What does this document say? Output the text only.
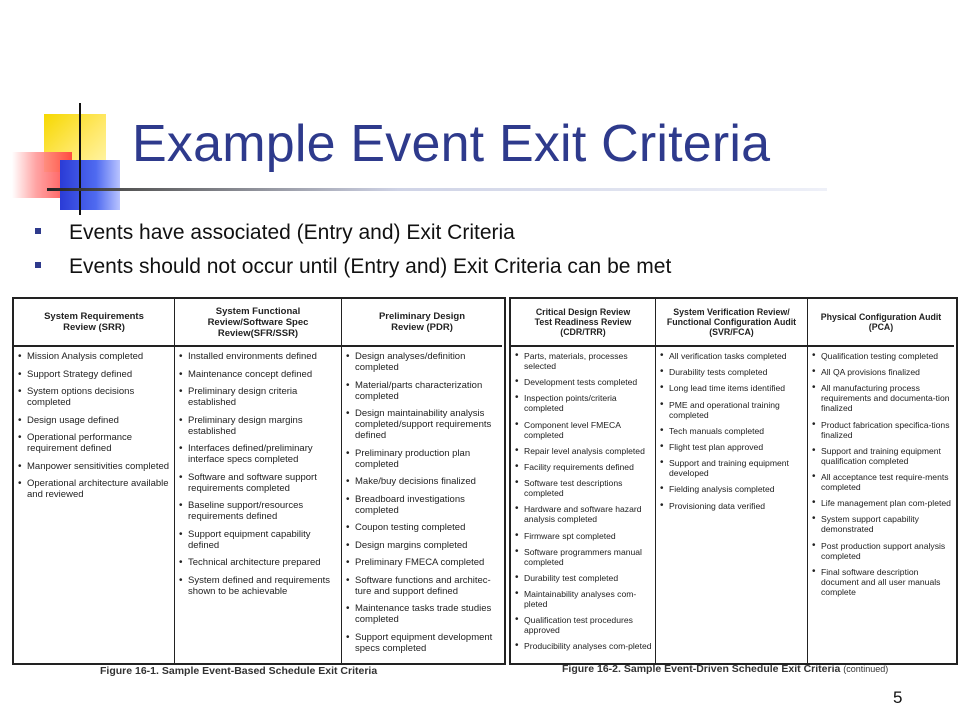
Example Event Exit Criteria
Events have associated (Entry and) Exit Criteria
Events should not occur until (Entry and) Exit Criteria can be met
System Requirements
Review (SRR)
• Mission Analysis completed
• Support Strategy defined
• System options decisions completed
• Design usage defined
• Operational performance requirement defined
• Manpower sensitivities completed
• Operational architecture available and reviewed
System Functional
Review/Software Spec
Review(SFR/SSR)
• Installed environments defined
• Maintenance concept defined
• Preliminary design criteria established
• Preliminary design margins established
• Interfaces defined/preliminary interface specs completed
• Software and software support requirements completed
• Baseline support/resources requirements defined
• Support equipment capability defined
• Technical architecture prepared
• System defined and requirements shown to be achievable
Preliminary Design
Review (PDR)
• Design analyses/definition completed
• Material/parts characterization completed
• Design maintainability analysis completed/support requirements defined
• Preliminary production plan completed
• Make/buy decisions finalized
• Breadboard investigations completed
• Coupon testing completed
• Design margins completed
• Preliminary FMECA completed
• Software functions and architec-ture and support defined
• Maintenance tasks trade studies completed
• Support equipment development specs completed
Critical Design Review
Test Readiness Review
(CDR/TRR)
• Parts, materials, processes selected
• Development tests completed
• Inspection points/criteria completed
• Component level FMECA completed
• Repair level analysis completed
• Facility requirements defined
• Software test descriptions completed
• Hardware and software hazard analysis completed
• Firmware spt completed
• Software programmers manual completed
• Durability test completed
• Maintainability analyses com-pleted
• Qualification test procedures approved
• Producibility analyses com-pleted
System Verification Review/
Functional Configuration Audit
(SVR/FCA)
• All verification tasks completed
• Durability tests completed
• Long lead time items identified
• PME and operational training completed
• Tech manuals completed
• Flight test plan approved
• Support and training equipment developed
• Fielding analysis completed
• Provisioning data verified
Physical Configuration Audit
(PCA)
• Qualification testing completed
• All QA provisions finalized
• All manufacturing process requirements and documenta-tion finalized
• Product fabrication specifica-tions finalized
• Support and training equipment qualification completed
• All acceptance test require-ments completed
• Life management plan com-pleted
• System support capability demonstrated
• Post production support analysis completed
• Final software description document and all user manuals complete
Figure 16-1. Sample Event-Based Schedule Exit Criteria	Figure 16-2. Sample Event-Driven Schedule Exit Criteria (continued)
5
